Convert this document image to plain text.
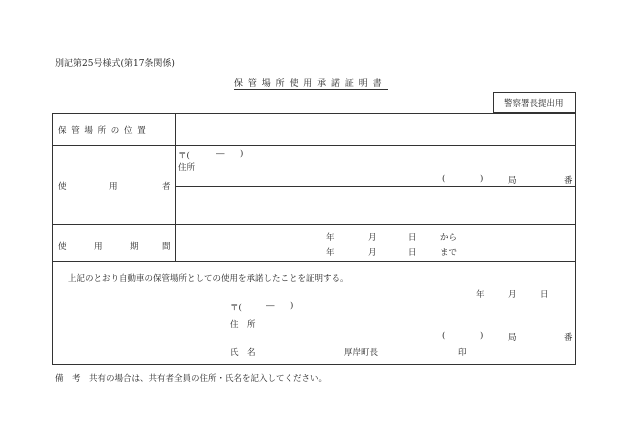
別記第25号様式(第17条関係)
保 管 場 所 使 用 承 諾 証 明 書
警察署長提出用
保 管 場 所 の 位 置
使	用	者
〒(	― )
住所
(	)	局	番
使	用	期	間
年	月	日	から
年	月	日	まで
上記のとおり自動車の保管場所としての使用を承諾したことを証明する。
年	月	日
〒(	― )
住　所
(	)	局	番
氏　名	厚岸町長	印
備　考　共有の場合は、共有者全員の住所・氏名を記入してください。
